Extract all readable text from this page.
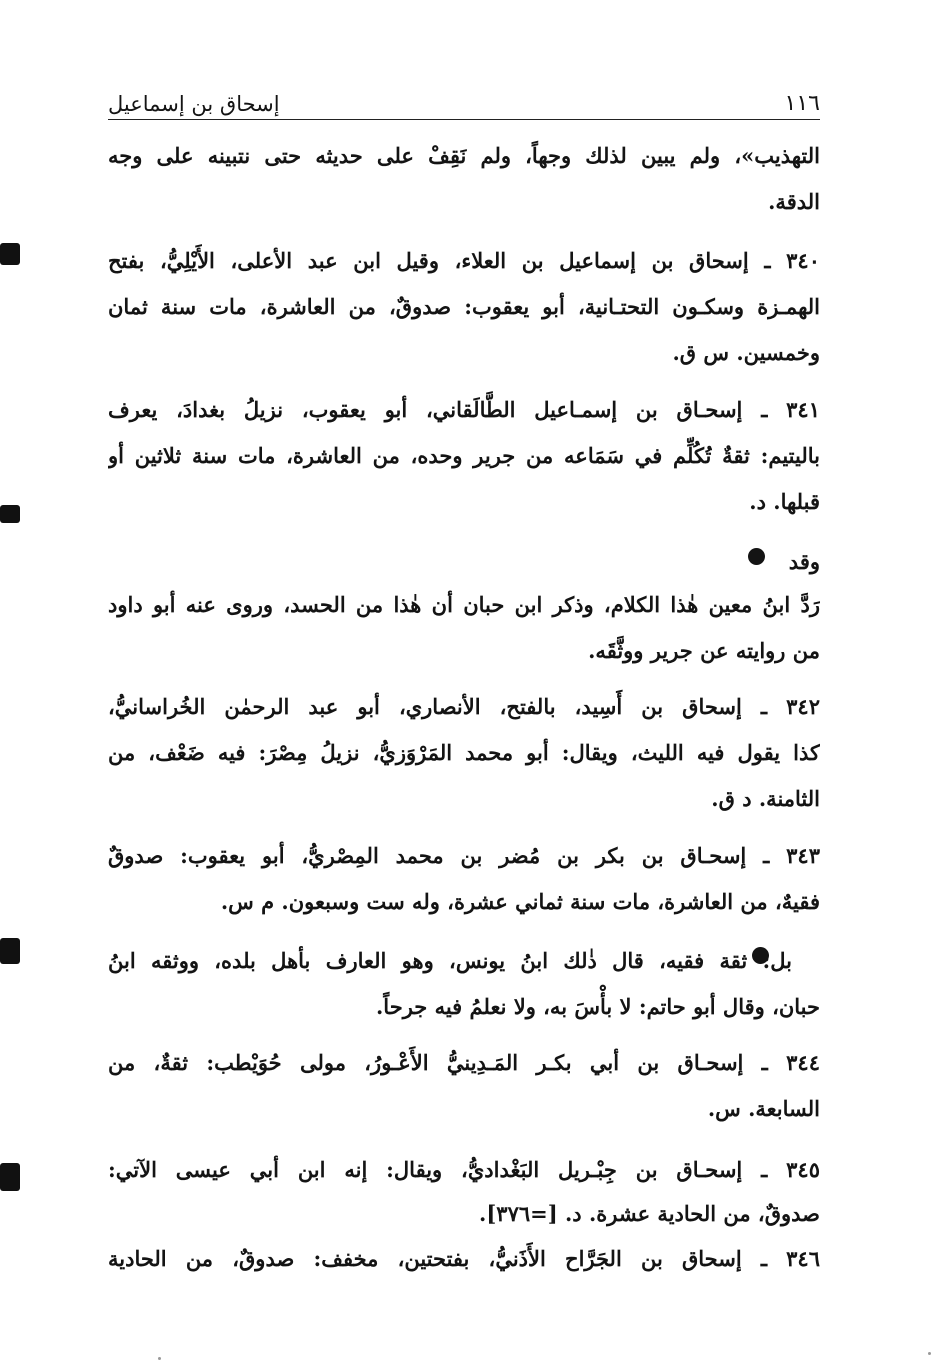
١١٦
إسحاق بن إسماعيل
التهذيب»، ولم يبين لذلك وجهاً، ولم نَقِفْ على حديثه حتى نتبينه على وجه
الدقة.
٣٤٠ ـ إسحاق بن إسماعيل بن العلاء، وقيل ابن عبد الأعلى، الأَيْلِيُّ، بفتح
الهمـزة وسكـون التحتـانية، أبو يعقوب: صدوقٌ، من العاشرة، مات سنة ثمان
وخمسين. س ق.
٣٤١ ـ إسحـاق بن إسمـاعيل الطَّالَقاني، أبو يعقوب، نزيلُ بغدادَ، يعرف
باليتيم: ثقةٌ تُكُلِّم في سَمَاعه من جرير وحده، من العاشرة، مات سنة ثلاثين أو
قبلها. د.
وقد
رَدَّ ابنُ معين هٰذا الكلام، وذكر ابن حبان أن هٰذا من الحسد، وروى عنه أبو داود
من روايته عن جرير ووثَّقَه.
٣٤٢ ـ إسحاق بن أَسِيد، بالفتح، الأنصاري، أبو عبد الرحمٰن الخُراسانيُّ،
كذا يقول فيه الليث، ويقال: أبو محمد المَرْوَزيُّ، نزيلُ مِصْرَ: فيه ضَعْف، من
الثامنة. د ق.
٣٤٣ ـ إسحـاق بن بكر بن مُضر بن محمد المِصْريُّ، أبو يعقوب: صدوقٌ
فقيهٌ، من العاشرة، مات سنة ثماني عشرة، وله ست وسبعون. م س.
بل: ثقة فقيه، قال ذٰلك ابنُ يونس، وهو العارف بأهل بلده، ووثقه ابنُ
حبان، وقال أبو حاتم: لا بأْسَ به، ولا نعلمُ فيه جرحاً.
٣٤٤ ـ إسحـاق بن أبي بكـر المَـدِينيُّ الأَعْـورُ، مولى حُوَيْطب: ثقةٌ، من
السابعة. س.
٣٤٥ ـ إسحـاق بن جِبْـريل البَغْداديُّ، ويقال: إنه ابن أبي عيسى الآتي:
صدوقٌ، من الحادية عشرة. د. [=٣٧٦].
٣٤٦ ـ إسحاق بن الجَرَّاح الأَذَنيُّ، بفتحتين، مخفف: صدوقٌ، من الحادية
